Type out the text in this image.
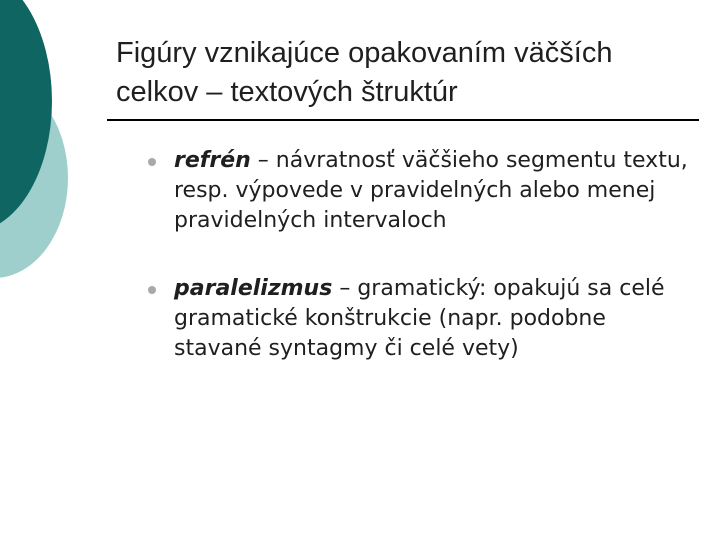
Figúry vznikajúce opakovaním väčších
celkov – textových štruktúr
refrén – návratnosť väčšieho segmentu textu, resp. výpovede v pravidelných alebo menej pravidelných intervaloch
paralelizmus – gramatický: opakujú sa celé gramatické konštrukcie (napr. podobne stavané syntagmy či celé vety)
